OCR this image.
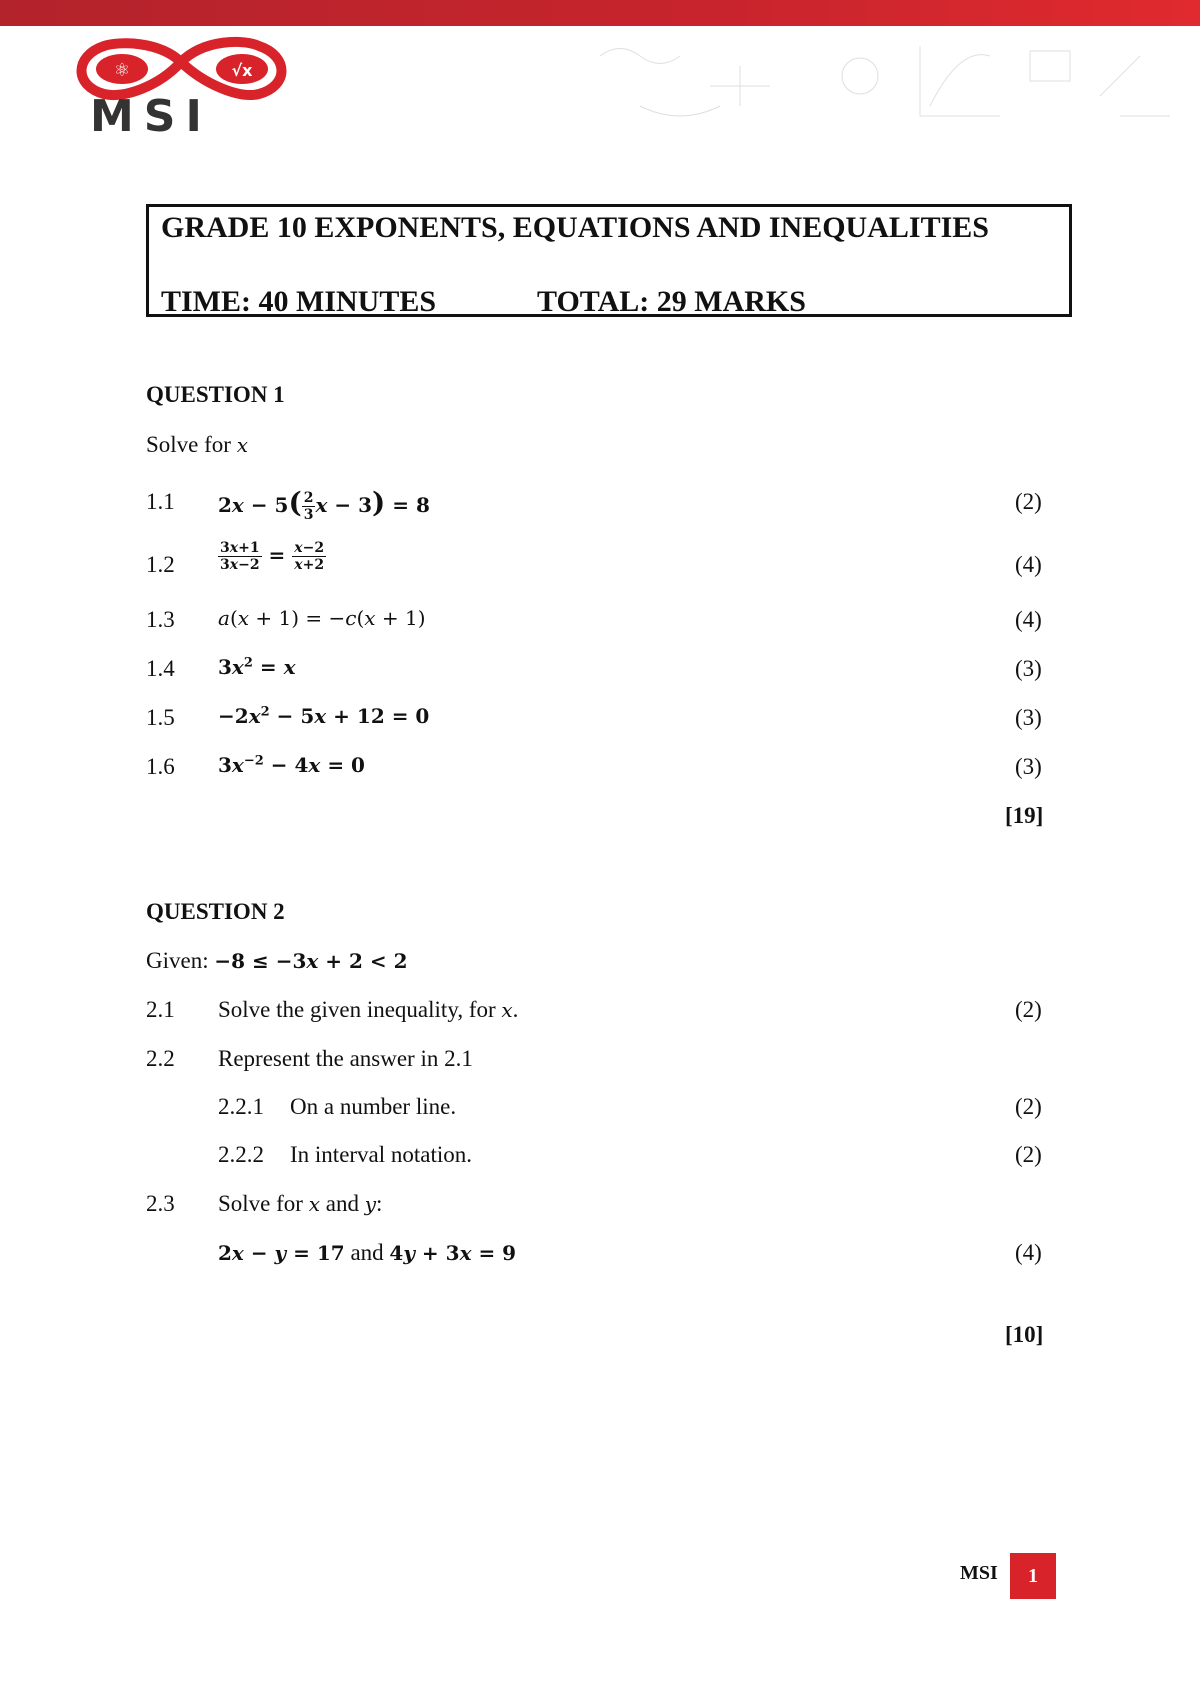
⚛	√x
MSI
GRADE 10 EXPONENTS, EQUATIONS AND INEQUALITIES
TIME: 40 MINUTES	TOTAL: 29 MARKS
QUESTION 1
Solve for x
1.1 $2x - 5( \frac{2}{3}$ x − 3) = 8	(2)
1.2	$\frac{3x+1}{3x-2} = \frac{x-2}{x+2}$	(4)
1.3 a(x + 1) = −c(x + 1)	(4)
1.4 $3x^2 = x$	(3)
$1.5 -2x^2 - 5x + 12 = 0$	(3)
1.6 $3x^{-2} - 4x = 0$	(3)
[19]
QUESTION 2
Given: −8 ≤ −3x + 2 < 2
2.1 Solve the given inequality, for x.	(2)
2.2 Represent the answer in 2.1
2.2.1 On a number line.	(2)
2.2.2 In interval notation.	(2)
2.3 Solve for x and y:
2x − y = 17 and 4y + 3x = 9	(4)
[10]
MSI	1
